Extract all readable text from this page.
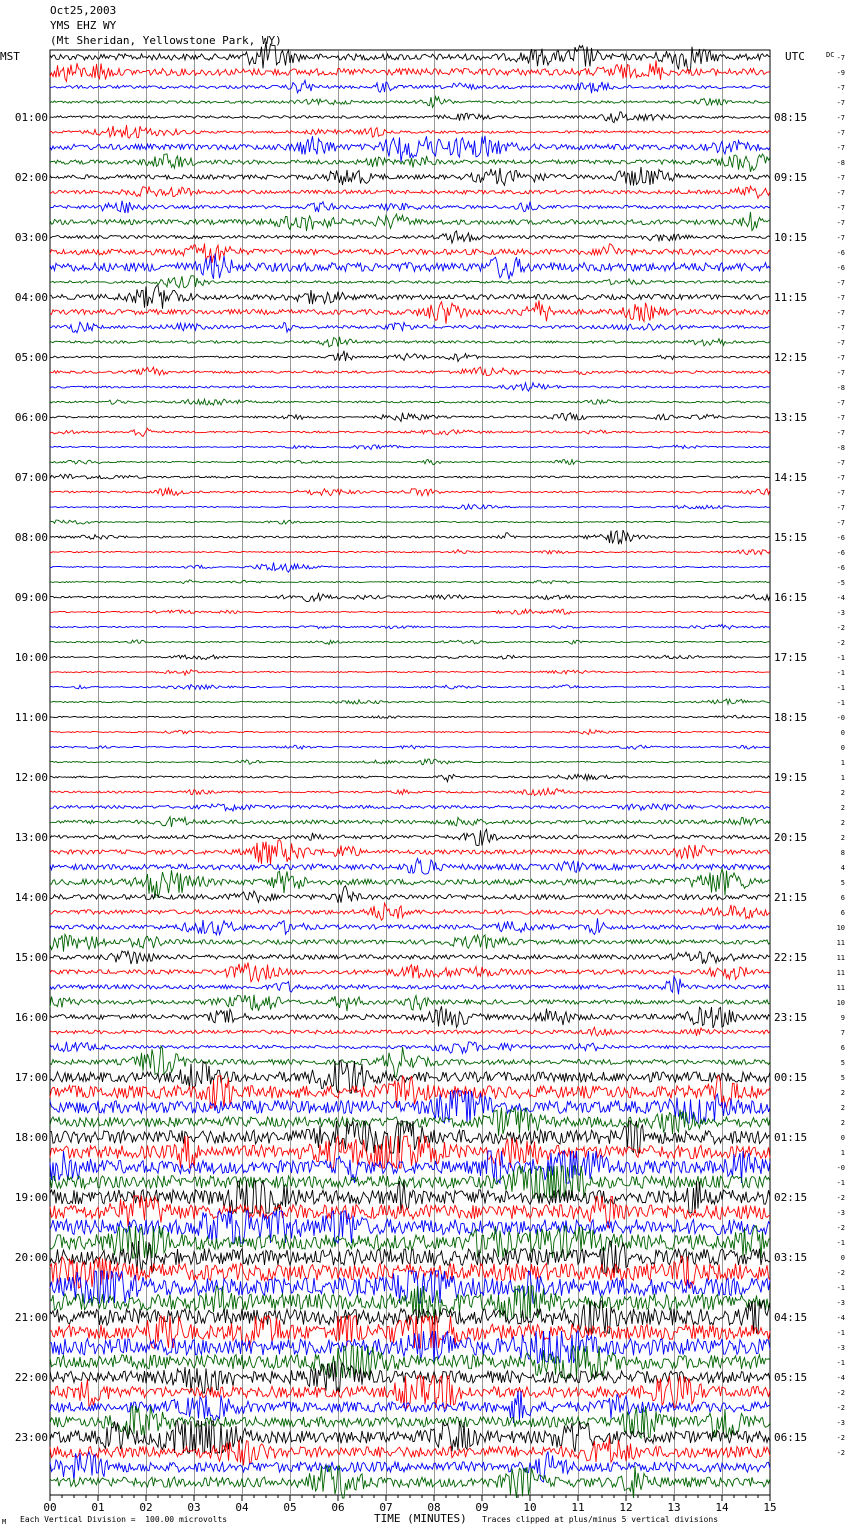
Oct25,2003
YMS EHZ WY
(Mt Sheridan, Yellowstone Park, WY)
MST	UTC	DC
00	01	02	03	04	05	06	07	08	09	10	11	12	13	14	15
-7
-9
-7
-7
-7
01:00	08:15
-7
-7
-8
-7
02:00	09:15
-7
-7
-7
-7
03:00	10:15
-6
-6
-7
-7
04:00	11:15
-7
-7
-7
-7
05:00	12:15
-7
-8
-7
-7
06:00	13:15
-7
-8
-7
-7
07:00	14:15
-7
-7
-7
-6
08:00	15:15
-6
-6
-5
-4
09:00	16:15
-3
-2
-2
-1
10:00	17:15
-1
-1
-1
-0
11:00	18:15
0
0
1
1
12:00	19:15
2
2
2
2
13:00	20:15
8
4
5
6
14:00	21:15
6
10
11
11
15:00	22:15
11
11
10
9
16:00	23:15
7
6
5
5
17:00	00:15
2
2
2
0
18:00	01:15
1
-0
-1
-2
19:00	02:15
-3
-2
-1
0
20:00	03:15
-2
-1
-3
-4
21:00	04:15
-1
-3
-1
-4
22:00	05:15
-2
-2
-3
-2
23:00	06:15
-2
M Each Vertical Division =  100.00 microvolts	TIME (MINUTES) Traces clipped at plus/minus 5 vertical divisions
